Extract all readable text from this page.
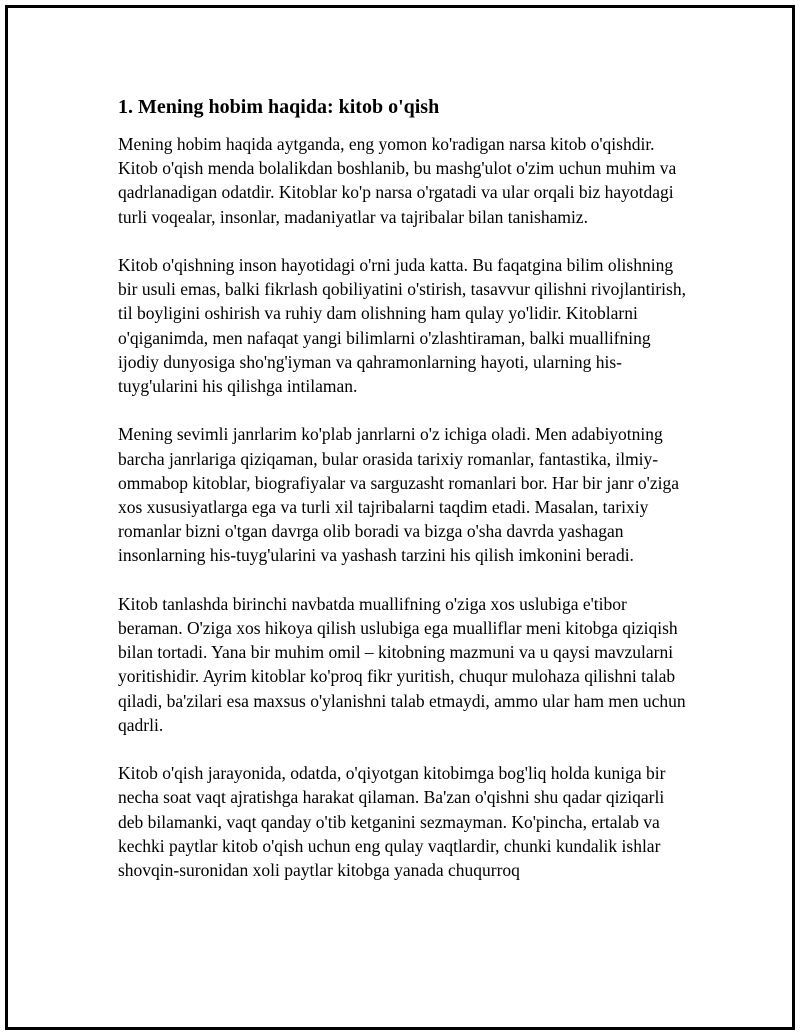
1. Mening hobim haqida: kitob o'qish

Mening hobim haqida aytganda, eng yomon ko'radigan narsa kitob o'qishdir. Kitob o'qish menda bolalikdan boshlanib, bu mashg'ulot o'zim uchun muhim va qadrlanadigan odatdir. Kitoblar ko'p narsa o'rgatadi va ular orqali biz hayotdagi turli voqealar, insonlar, madaniyatlar va tajribalar bilan tanishamiz.

Kitob o'qishning inson hayotidagi o'rni juda katta. Bu faqatgina bilim olishning bir usuli emas, balki fikrlash qobiliyatini o'stirish, tasavvur qilishni rivojlantirish, til boyligini oshirish va ruhiy dam olishning ham qulay yo'lidir. Kitoblarni o'qiganimda, men nafaqat yangi bilimlarni o'zlashtiraman, balki muallifning ijodiy dunyosiga sho'ng'iyman va qahramonlarning hayoti, ularning his-tuyg'ularini his qilishga intilaman.

Mening sevimli janrlarim ko'plab janrlarni o'z ichiga oladi. Men adabiyotning barcha janrlariga qiziqaman, bular orasida tarixiy romanlar, fantastika, ilmiy-ommabop kitoblar, biografiyalar va sarguzasht romanlari bor. Har bir janr o'ziga xos xususiyatlarga ega va turli xil tajribalarni taqdim etadi. Masalan, tarixiy romanlar bizni o'tgan davrga olib boradi va bizga o'sha davrda yashagan insonlarning his-tuyg'ularini va yashash tarzini his qilish imkonini beradi.

Kitob tanlashda birinchi navbatda muallifning o'ziga xos uslubiga e'tibor beraman. O'ziga xos hikoya qilish uslubiga ega mualliflar meni kitobga qiziqish bilan tortadi. Yana bir muhim omil – kitobning mazmuni va u qaysi mavzularni yoritishidir. Ayrim kitoblar ko'proq fikr yuritish, chuqur mulohaza qilishni talab qiladi, ba'zilari esa maxsus o'ylanishni talab etmaydi, ammo ular ham men uchun qadrli.

Kitob o'qish jarayonida, odatda, o'qiyotgan kitobimga bog'liq holda kuniga bir necha soat vaqt ajratishga harakat qilaman. Ba'zan o'qishni shu qadar qiziqarli deb bilamanki, vaqt qanday o'tib ketganini sezmayman. Ko'pincha, ertalab va kechki paytlar kitob o'qish uchun eng qulay vaqtlardir, chunki kundalik ishlar shovqin-suronidan xoli paytlar kitobga yanada chuqurroq
